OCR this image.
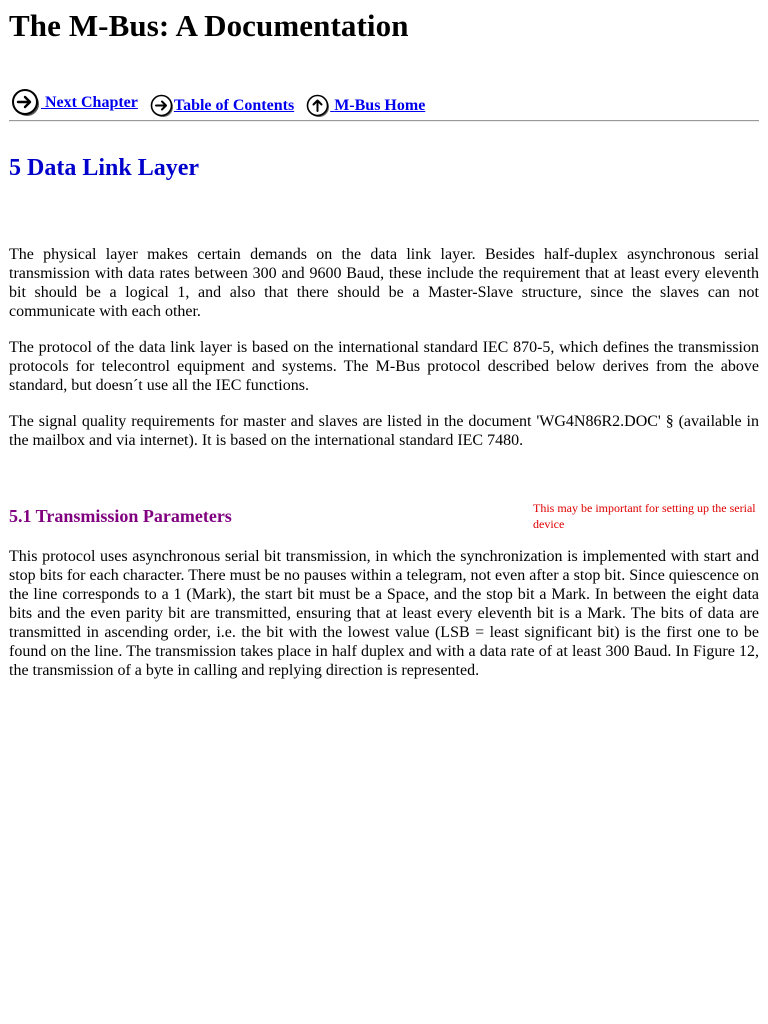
The M-Bus: A Documentation

Next Chapter
Table of Contents

	M-Bus Home
5 Data Link Layer

The physical layer makes certain demands on the data link layer. Besides half-duplex asynchronous serial transmission with data rates between 300 and 9600 Baud, these include the requirement that at least every eleventh bit should be a logical 1, and also that there should be a Master-Slave structure, since the slaves can not communicate with each other.

The protocol of the data link layer is based on the international standard IEC 870-5, which defines the transmission protocols for telecontrol equipment and systems. The M-Bus protocol described below derives from the above standard, but doesn´t use all the IEC functions.

The signal quality requirements for master and slaves are listed in the document 'WG4N86R2.DOC' § (available in the mailbox and via internet). It is based on the international standard IEC 7480.

5.1 Transmission Parameters	This may be important for setting up the serial device

This protocol uses asynchronous serial bit transmission, in which the synchronization is implemented with start and stop bits for each character. There must be no pauses within a telegram, not even after a stop bit. Since quiescence on the line corresponds to a 1 (Mark), the start bit must be a Space, and the stop bit a Mark. In between the eight data bits and the even parity bit are transmitted, ensuring that at least every eleventh bit is a Mark. The bits of data are transmitted in ascending order, i.e. the bit with the lowest value (LSB = least significant bit) is the first one to be found on the line. The transmission takes place in half duplex and with a data rate of at least 300 Baud. In Figure 12, the transmission of a byte in calling and replying direction is represented.
